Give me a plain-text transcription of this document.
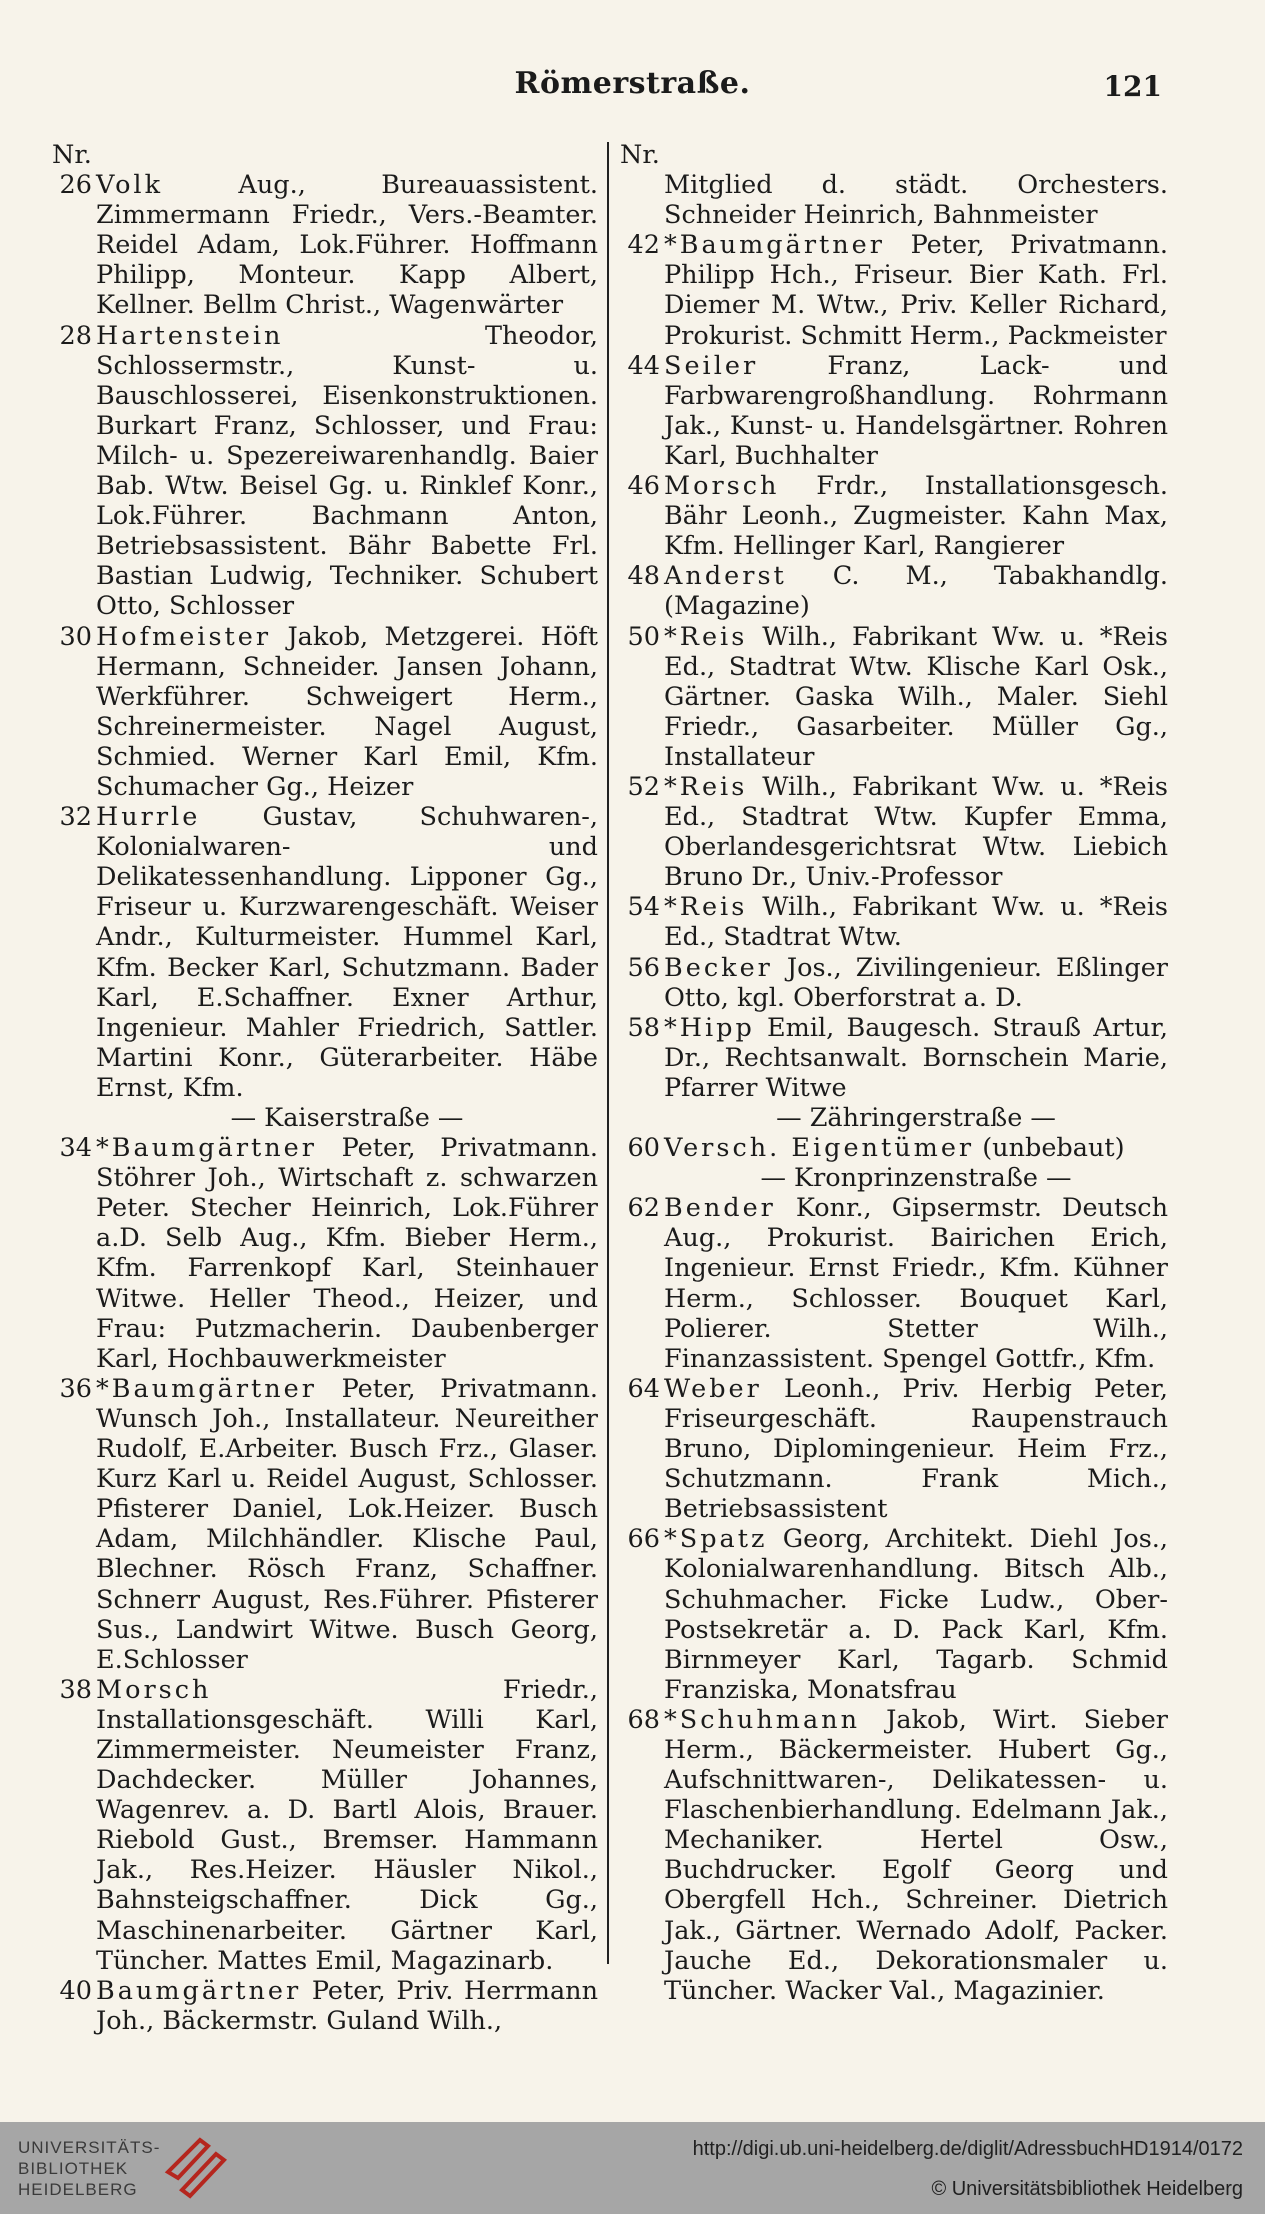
Römerstraße.	121
Nr.
26 Volk Aug., Bureauassistent. Zimmermann Friedr., Vers.-Beamter. Reidel Adam, Lok.Führer. Hoffmann Philipp, Monteur. Kapp Albert, Kellner. Bellm Christ., Wagenwärter
28 Hartenstein Theodor, Schlossermstr., Kunst- u. Bauschlosserei, Eisenkonstruktionen. Burkart Franz, Schlosser, und Frau: Milch- u. Spezereiwarenhandlg. Baier Bab. Wtw. Beisel Gg. u. Rinklef Konr., Lok.Führer. Bachmann Anton, Betriebsassistent. Bähr Babette Frl. Bastian Ludwig, Techniker. Schubert Otto, Schlosser
30 Hofmeister Jakob, Metzgerei. Höft Hermann, Schneider. Jansen Johann, Werkführer. Schweigert Herm., Schreinermeister. Nagel August, Schmied. Werner Karl Emil, Kfm. Schumacher Gg., Heizer
32 Hurrle Gustav, Schuhwaren-, Kolonialwaren- und Delikatessenhandlung. Lipponer Gg., Friseur u. Kurzwarengeschäft. Weiser Andr., Kulturmeister. Hummel Karl, Kfm. Becker Karl, Schutzmann. Bader Karl, E.Schaffner. Exner Arthur, Ingenieur. Mahler Friedrich, Sattler. Martini Konr., Güterarbeiter. Häbe Ernst, Kfm.
— Kaiserstraße —
34 *Baumgärtner Peter, Privatmann. Stöhrer Joh., Wirtschaft z. schwarzen Peter. Stecher Heinrich, Lok.Führer a.D. Selb Aug., Kfm. Bieber Herm., Kfm. Farrenkopf Karl, Steinhauer Witwe. Heller Theod., Heizer, und Frau: Putzmacherin. Daubenberger Karl, Hochbauwerkmeister
36 *Baumgärtner Peter, Privatmann. Wunsch Joh., Installateur. Neureither Rudolf, E.Arbeiter. Busch Frz., Glaser. Kurz Karl u. Reidel August, Schlosser. Pfisterer Daniel, Lok.Heizer. Busch Adam, Milchhändler. Klische Paul, Blechner. Rösch Franz, Schaffner. Schnerr August, Res.Führer. Pfisterer Sus., Landwirt Witwe. Busch Georg, E.Schlosser
38 Morsch Friedr., Installationsgeschäft. Willi Karl, Zimmermeister. Neumeister Franz, Dachdecker. Müller Johannes, Wagenrev. a. D. Bartl Alois, Brauer. Riebold Gust., Bremser. Hammann Jak., Res.Heizer. Häusler Nikol., Bahnsteigschaffner. Dick Gg., Maschinenarbeiter. Gärtner Karl, Tüncher. Mattes Emil, Magazinarb.
40 Baumgärtner Peter, Priv. Herrmann Joh., Bäckermstr. Guland Wilh.,
Nr.
Mitglied d. städt. Orchesters. Schneider Heinrich, Bahnmeister
42 *Baumgärtner Peter, Privatmann. Philipp Hch., Friseur. Bier Kath. Frl. Diemer M. Wtw., Priv. Keller Richard, Prokurist. Schmitt Herm., Packmeister
44 Seiler Franz, Lack- und Farbwarengroßhandlung. Rohrmann Jak., Kunst- u. Handelsgärtner. Rohren Karl, Buchhalter
46 Morsch Frdr., Installationsgesch. Bähr Leonh., Zugmeister. Kahn Max, Kfm. Hellinger Karl, Rangierer
48 Anderst C. M., Tabakhandlg. (Magazine)
50 *Reis Wilh., Fabrikant Ww. u. *Reis Ed., Stadtrat Wtw. Klische Karl Osk., Gärtner. Gaska Wilh., Maler. Siehl Friedr., Gasarbeiter. Müller Gg., Installateur
52 *Reis Wilh., Fabrikant Ww. u. *Reis Ed., Stadtrat Wtw. Kupfer Emma, Oberlandesgerichtsrat Wtw. Liebich Bruno Dr., Univ.-Professor
54 *Reis Wilh., Fabrikant Ww. u. *Reis Ed., Stadtrat Wtw.
56 Becker Jos., Zivilingenieur. Eßlinger Otto, kgl. Oberforstrat a. D.
58 *Hipp Emil, Baugesch. Strauß Artur, Dr., Rechtsanwalt. Bornschein Marie, Pfarrer Witwe
— Zähringerstraße —
60 Versch. Eigentümer (unbebaut)
— Kronprinzenstraße —
62 Bender Konr., Gipsermstr. Deutsch Aug., Prokurist. Bairichen Erich, Ingenieur. Ernst Friedr., Kfm. Kühner Herm., Schlosser. Bouquet Karl, Polierer. Stetter Wilh., Finanzassistent. Spengel Gottfr., Kfm.
64 Weber Leonh., Priv. Herbig Peter, Friseurgeschäft. Raupenstrauch Bruno, Diplomingenieur. Heim Frz., Schutzmann. Frank Mich., Betriebsassistent
66 *Spatz Georg, Architekt. Diehl Jos., Kolonialwarenhandlung. Bitsch Alb., Schuhmacher. Ficke Ludw., Ober-Postsekretär a. D. Pack Karl, Kfm. Birnmeyer Karl, Tagarb. Schmid Franziska, Monatsfrau
68 *Schuhmann Jakob, Wirt. Sieber Herm., Bäckermeister. Hubert Gg., Aufschnittwaren-, Delikatessen- u. Flaschenbierhandlung. Edelmann Jak., Mechaniker. Hertel Osw., Buchdrucker. Egolf Georg und Obergfell Hch., Schreiner. Dietrich Jak., Gärtner. Wernado Adolf, Packer. Jauche Ed., Dekorationsmaler u. Tüncher. Wacker Val., Magazinier.
UNIVERSITÄTS-
BIBLIOTHEK
HEIDELBERG
http://digi.ub.uni-heidelberg.de/diglit/AdressbuchHD1914/0172
© Universitätsbibliothek Heidelberg
